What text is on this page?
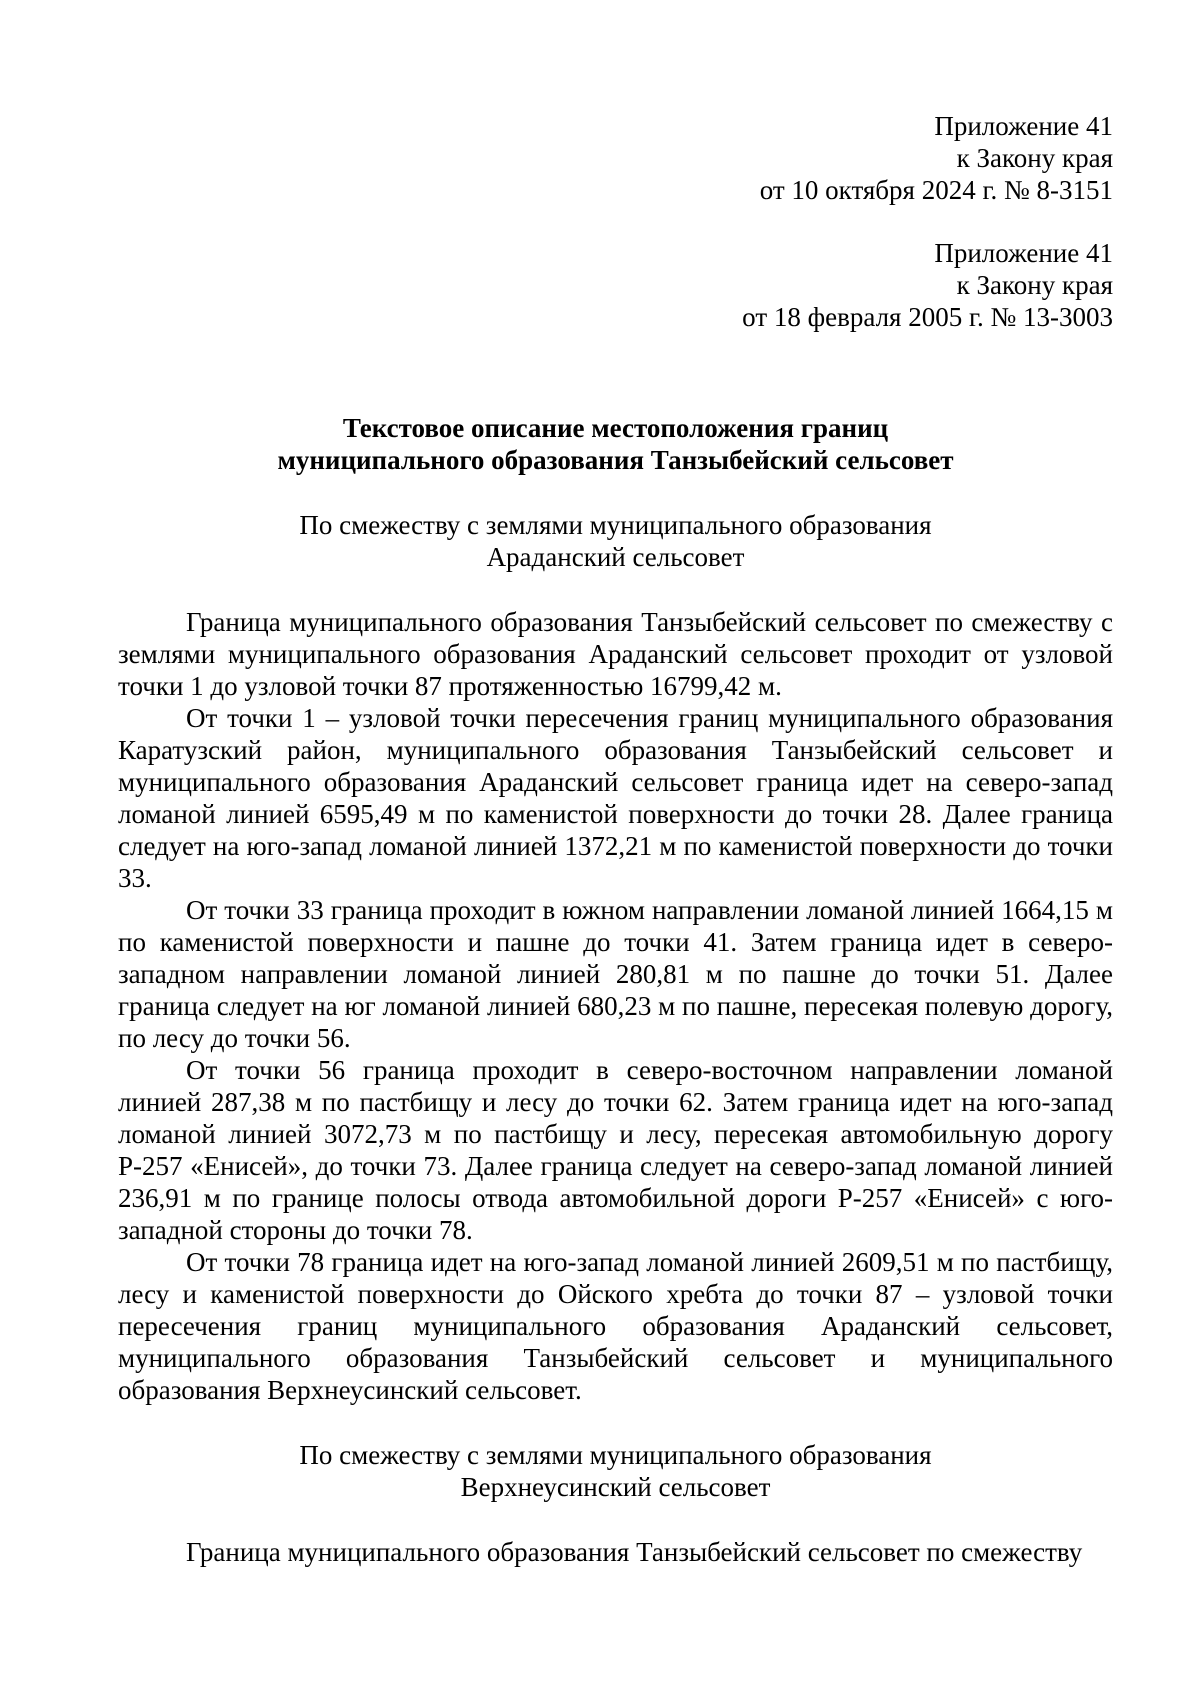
Приложение 41
к Закону края
от 10 октября 2024 г. № 8-3151
Приложение 41
к Закону края
от 18 февраля 2005 г. № 13-3003
Текстовое описание местоположения границ
муниципального образования Танзыбейский сельсовет
По смежеству с землями муниципального образования
Араданский сельсовет

Граница муниципального образования Танзыбейский сельсовет по смежеству с землями муниципального образования Араданский сельсовет проходит от узловой точки 1 до узловой точки 87 протяженностью 16799,42 м.

От точки 1 – узловой точки пересечения границ муниципального образования Каратузский район, муниципального образования Танзыбейский сельсовет и муниципального образования Араданский сельсовет граница идет на северо-запад ломаной линией 6595,49 м по каменистой поверхности до точки 28. Далее граница следует на юго-запад ломаной линией 1372,21 м по каменистой поверхности до точки 33.

От точки 33 граница проходит в южном направлении ломаной линией 1664,15 м по каменистой поверхности и пашне до точки 41. Затем граница идет в северо-западном направлении ломаной линией 280,81 м по пашне до точки 51. Далее граница следует на юг ломаной линией 680,23 м по пашне, пересекая полевую дорогу, по лесу до точки 56.

От точки 56 граница проходит в северо-восточном направлении ломаной линией 287,38 м по пастбищу и лесу до точки 62. Затем граница идет на юго-запад ломаной линией 3072,73 м по пастбищу и лесу, пересекая автомобильную дорогу Р-257 «Енисей», до точки 73. Далее граница следует на северо-запад ломаной линией 236,91 м по границе полосы отвода автомобильной дороги Р-257 «Енисей» с юго-западной стороны до точки 78.

От точки 78 граница идет на юго-запад ломаной линией 2609,51 м по пастбищу, лесу и каменистой поверхности до Ойского хребта до точки 87 – узловой точки пересечения границ муниципального образования Араданский сельсовет, муниципального образования Танзыбейский сельсовет и муниципального образования Верхнеусинский сельсовет.

По смежеству с землями муниципального образования
Верхнеусинский сельсовет

Граница муниципального образования Танзыбейский сельсовет по смежеству
